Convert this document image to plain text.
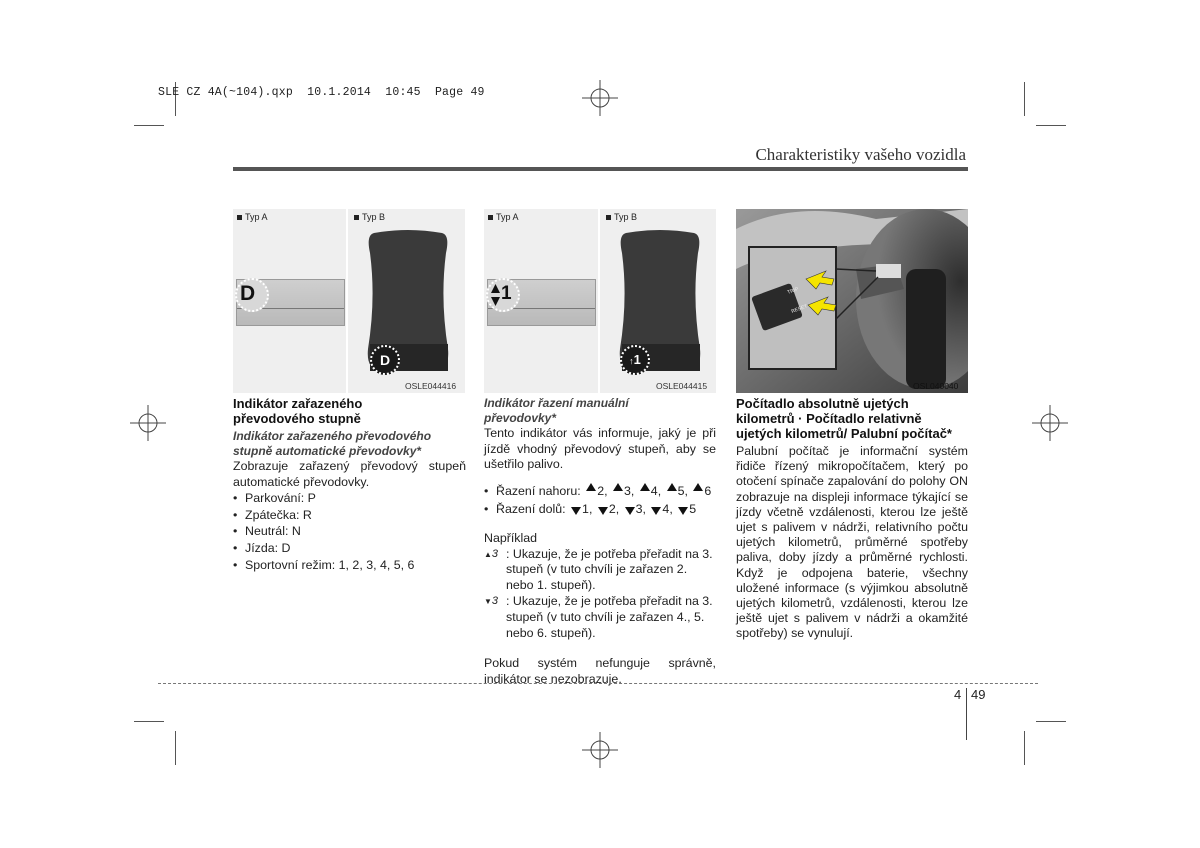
SLE CZ 4A(~104).qxp  10.1.2014  10:45  Page 49
Charakteristiky vašeho vozidla
Typ A
D
Typ B
D
OSLE044416
Typ A
1
Typ B
↑1
OSLE044415
TRIP
RESET
OSL040040

Indikátor zařazeného převodového stupně

Indikátor zařazeného převodového stupně automatické převodovky*

Zobrazuje zařazený převodový stupeň automatické převodovky.

• Parkování: P
• Zpátečka: R
• Neutrál: N
• Jízda: D
• Sportovní režim: 1, 2, 3, 4, 5, 6

Indikátor řazení manuální převodovky*

Tento indikátor vás informuje, jaký je při jízdě vhodný převodový stupeň, aby se ušetřilo palivo.

• Řazení nahoru: 2, 3, 4, 5, 6
• Řazení dolů: 1, 2, 3, 4, 5

Například

▲3 : Ukazuje, že je potřeba přeřadit na 3. stupeň (v tuto chvíli je zařazen 2. nebo 1. stupeň).
▼3 : Ukazuje, že je potřeba přeřadit na 3. stupeň (v tuto chvíli je zařazen 4., 5. nebo 6. stupeň).

Pokud systém nefunguje správně, indikátor se nezobrazuje.

Počítadlo absolutně ujetých kilometrů · Počítadlo relativně ujetých kilometrů/ Palubní počítač*

Palubní počítač je informační systém řidiče řízený mikropočítačem, který po otočení spínače zapalování do polohy ON zobrazuje na displeji informace týkající se jízdy včetně vzdálenosti, kterou lze ještě ujet s palivem v nádrži, relativního počtu ujetých kilometrů, průměrné spotřeby paliva, doby jízdy a průměrné rychlosti. Když je odpojena baterie, všechny uložené informace (s výjimkou absolutně ujetých kilometrů, vzdálenosti, kterou lze ještě ujet s palivem v nádrži a okamžité spotřeby) se vynulují.

4 49
